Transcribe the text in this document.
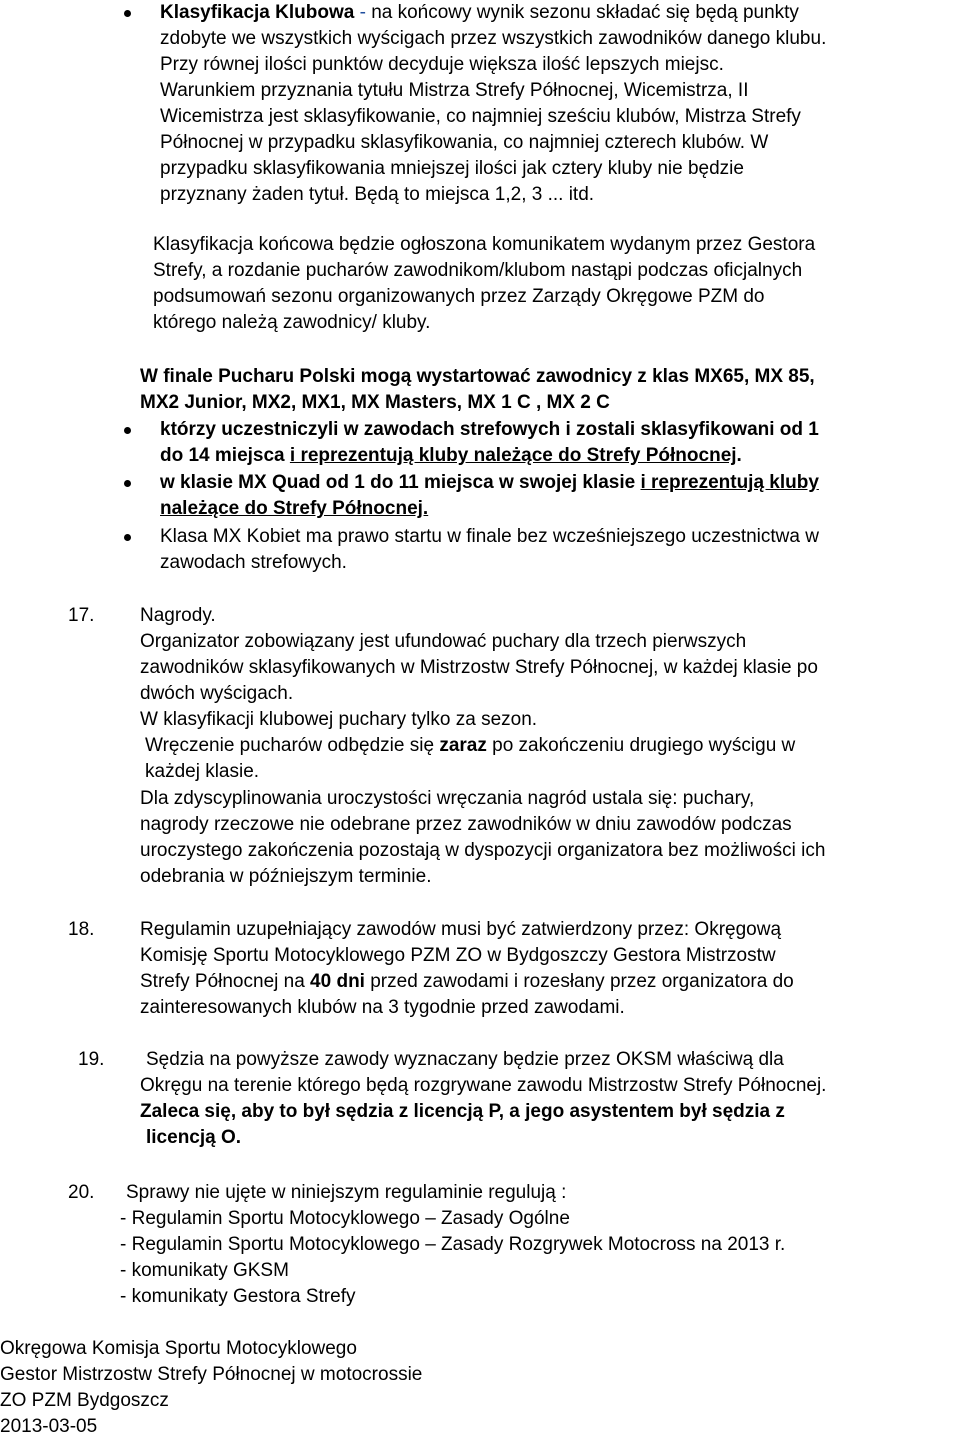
Klasyfikacja Klubowa - na końcowy wynik sezonu składać się będą punkty
zdobyte we wszystkich wyścigach przez wszystkich zawodników danego klubu.
Przy równej ilości punktów decyduje większa ilość lepszych miejsc.
Warunkiem przyznania tytułu Mistrza Strefy Północnej, Wicemistrza, II
Wicemistrza jest sklasyfikowanie, co najmniej sześciu klubów, Mistrza Strefy
Północnej w przypadku sklasyfikowania, co najmniej czterech klubów. W
przypadku sklasyfikowania mniejszej ilości jak cztery kluby nie będzie
przyznany żaden tytuł. Będą to miejsca 1,2, 3 ... itd.
Klasyfikacja końcowa będzie ogłoszona komunikatem wydanym przez Gestora
Strefy, a rozdanie pucharów zawodnikom/klubom nastąpi podczas oficjalnych
podsumowań sezonu organizowanych przez Zarządy Okręgowe PZM do
którego należą zawodnicy/ kluby.
W finale Pucharu Polski mogą wystartować zawodnicy z klas MX65, MX 85,
MX2 Junior, MX2, MX1, MX Masters, MX 1 C , MX 2 C
którzy uczestniczyli w zawodach strefowych i zostali sklasyfikowani od 1
do 14 miejsca i reprezentują kluby należące do Strefy Północnej.
w klasie MX Quad od 1 do 11 miejsca w swojej klasie i reprezentują kluby
należące do Strefy Północnej.
Klasa MX Kobiet ma prawo startu w finale bez wcześniejszego uczestnictwa w
zawodach strefowych.
17. Nagrody.
Organizator zobowiązany jest ufundować puchary dla trzech pierwszych
zawodników sklasyfikowanych w Mistrzostw Strefy Północnej, w każdej klasie po
dwóch wyścigach.
W klasyfikacji klubowej puchary tylko za sezon.
Wręczenie pucharów odbędzie się zaraz po zakończeniu drugiego wyścigu w
każdej klasie.
Dla zdyscyplinowania uroczystości wręczania nagród ustala się: puchary,
nagrody rzeczowe nie odebrane przez zawodników w dniu zawodów podczas
uroczystego zakończenia pozostają w dyspozycji organizatora bez możliwości ich
odebrania w późniejszym terminie.
18. Regulamin uzupełniający zawodów musi być zatwierdzony przez: Okręgową
Komisję Sportu Motocyklowego PZM ZO w Bydgoszczy Gestora Mistrzostw
Strefy Północnej na 40 dni przed zawodami i rozesłany przez organizatora do
zainteresowanych klubów na 3 tygodnie przed zawodami.
19. Sędzia na powyższe zawody wyznaczany będzie przez OKSM właściwą dla
Okręgu na terenie którego będą rozgrywane zawodu Mistrzostw Strefy Północnej.
Zaleca się, aby to był sędzia z licencją P, a jego asystentem był sędzia z
licencją O.
20. Sprawy nie ujęte w niniejszym regulaminie regulują :
- Regulamin Sportu Motocyklowego – Zasady Ogólne
- Regulamin Sportu Motocyklowego – Zasady Rozgrywek Motocross na 2013 r.
- komunikaty GKSM
- komunikaty Gestora Strefy
Okręgowa Komisja Sportu Motocyklowego
Gestor Mistrzostw Strefy Północnej w motocrossie
ZO PZM Bydgoszcz
2013-03-05
